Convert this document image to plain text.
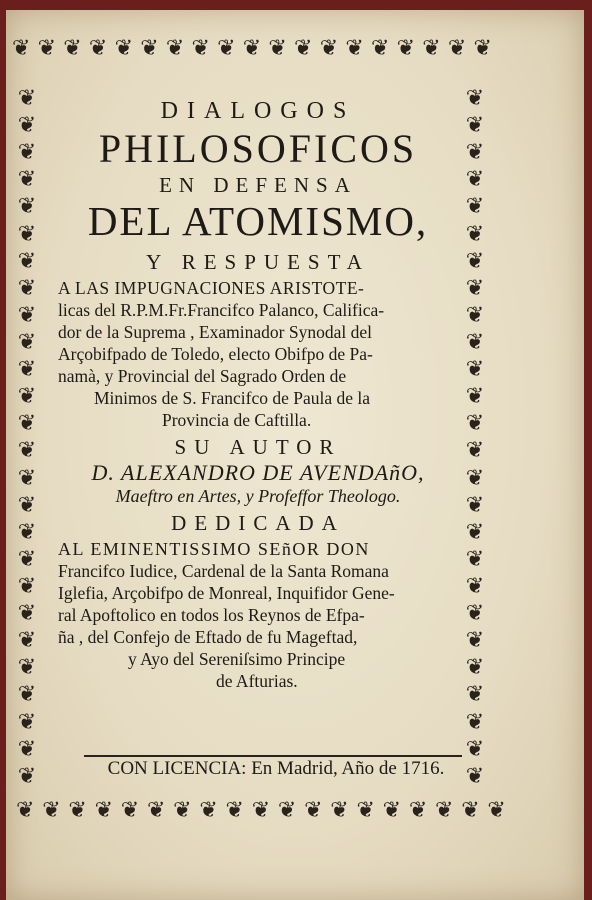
❦ ❦ ❦ ❦ ❦ ❦ ❦ ❦ ❦ ❦ ❦ ❦ ❦ ❦ ❦ ❦ ❦ ❦ ❦
❦ ❦ ❦ ❦ ❦ ❦ ❦ ❦ ❦ ❦ ❦ ❦ ❦ ❦ ❦ ❦ ❦ ❦ ❦
❦
❦
❦
❦
❦
❦
❦
❦
❦
❦
❦
❦
❦
❦
❦
❦
❦
❦
❦
❦
❦
❦
❦
❦
❦
❦
❦
❦
❦
❦
❦
❦
❦
❦
❦
❦
❦
❦
❦
❦
❦
❦
❦
❦
❦
❦
❦
❦
❦
❦
❦
❦
DIALOGOS
PHILOSOFICOS
EN DEFENSA
DEL ATOMISMO,
Y RESPUESTA
A LAS IMPUGNACIONES ARISTOTE-
licas del R.P.M.Fr.Francifco Palanco, Califica-
dor de la Suprema , Examinador Synodal del
Arçobifpado de Toledo, electo Obifpo de Pa-
namà, y Provincial del Sagrado Orden de
Minimos de S. Francifco de Paula de la
Provincia de Caftilla.
SU AUTOR
D. ALEXANDRO DE AVENDAñO,
Maeftro en Artes, y Profeffor Theologo.
DEDICADA
AL EMINENTISSIMO SEñOR DON
Francifco Iudice, Cardenal de la Santa Romana
Iglefia, Arçobifpo de Monreal, Inquifidor Gene-
ral Apoftolico en todos los Reynos de Efpa-
ña , del Confejo de Eftado de fu Mageftad,
y Ayo del Sereniſsimo Principe
de Afturias.
CON LICENCIA: En Madrid, Año de 1716.
